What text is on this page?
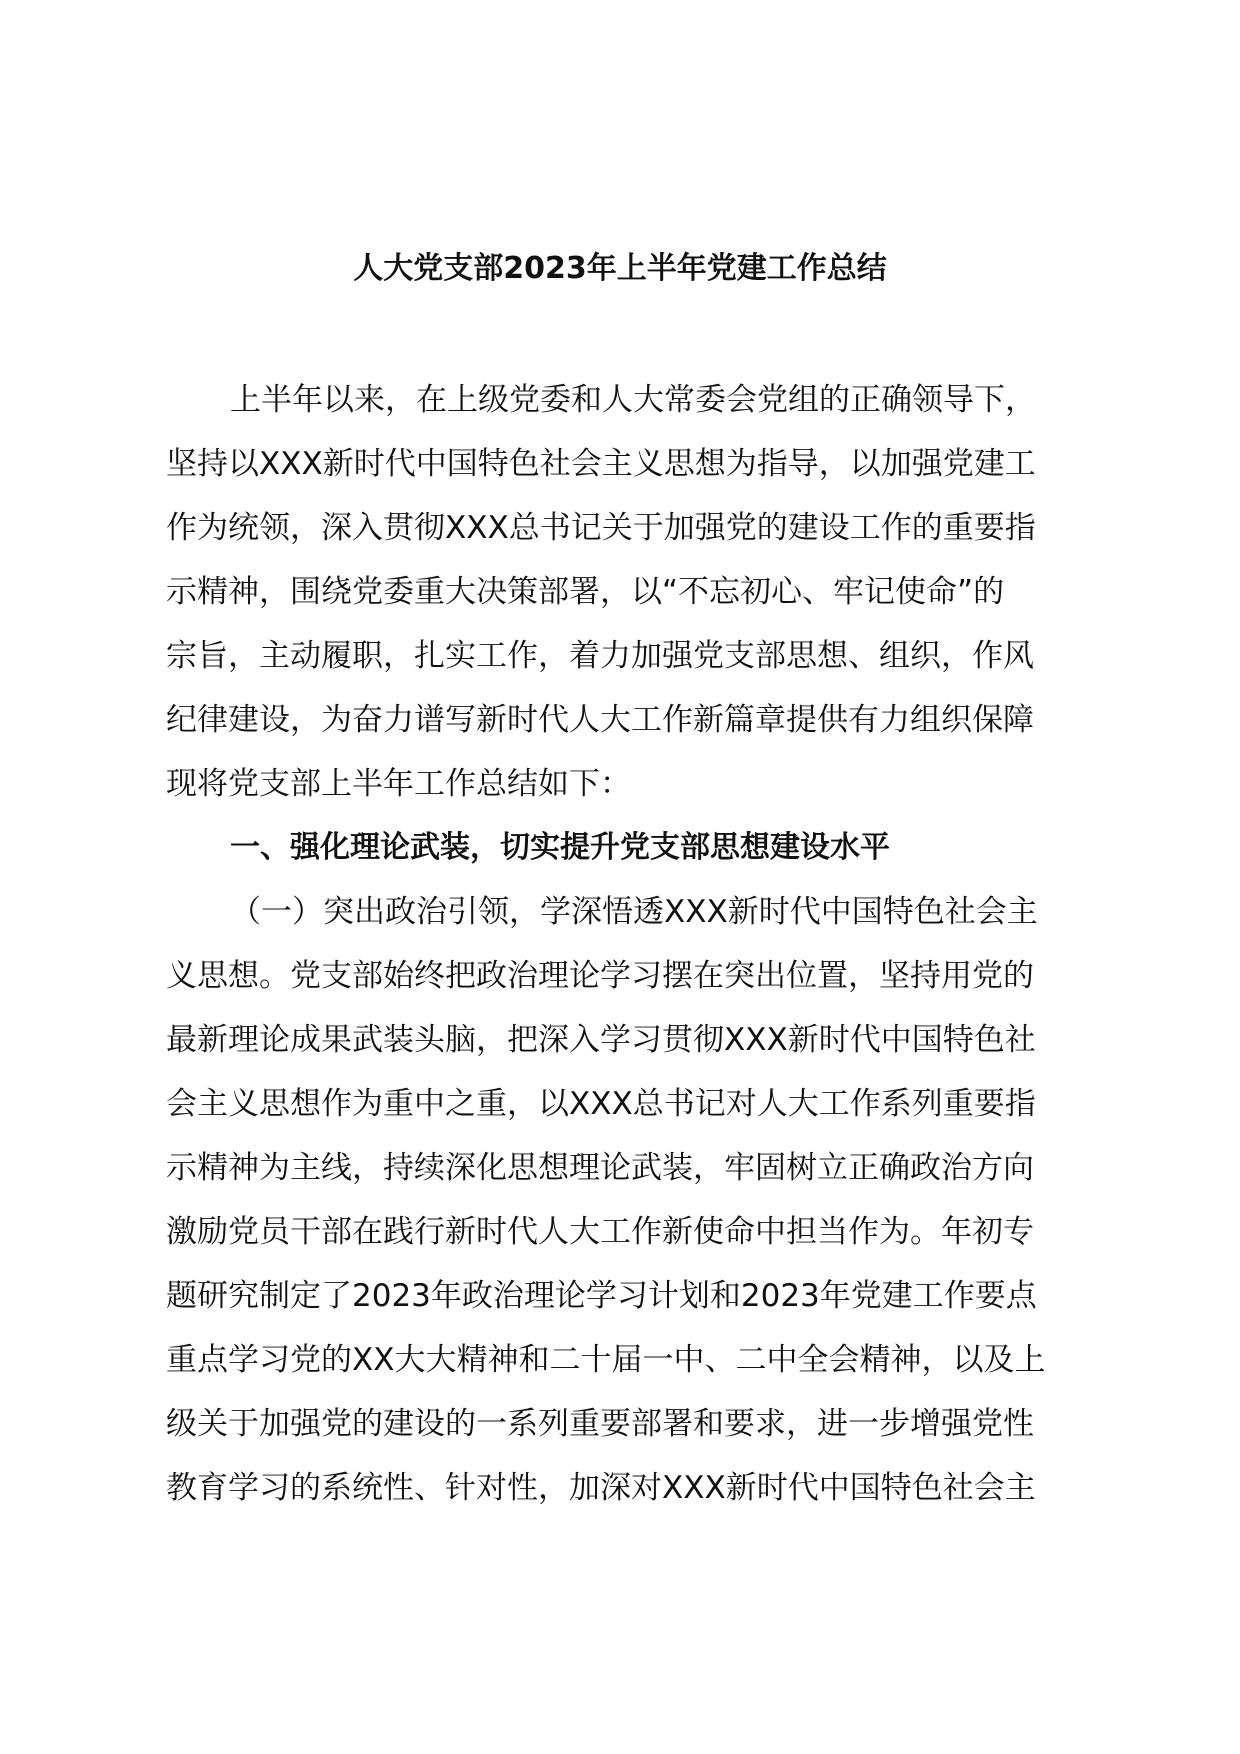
人大党支部2023年上半年党建工作总结
上半年以来，在上级党委和人大常委会党组的正确领导下，
坚持以XXX新时代中国特色社会主义思想为指导，以加强党建工
作为统领，深入贯彻XXX总书记关于加强党的建设工作的重要指
示精神，围绕党委重大决策部署，以“不忘初心、牢记使命”的
宗旨，主动履职，扎实工作，着力加强党支部思想、组织，作风
纪律建设，为奋力谱写新时代人大工作新篇章提供有力组织保障
现将党支部上半年工作总结如下：
一、强化理论武装，切实提升党支部思想建设水平
（一）突出政治引领，学深悟透XXX新时代中国特色社会主
义思想。党支部始终把政治理论学习摆在突出位置，坚持用党的
最新理论成果武装头脑，把深入学习贯彻XXX新时代中国特色社
会主义思想作为重中之重，以XXX总书记对人大工作系列重要指
示精神为主线，持续深化思想理论武装，牢固树立正确政治方向
激励党员干部在践行新时代人大工作新使命中担当作为。年初专
题研究制定了2023年政治理论学习计划和2023年党建工作要点
重点学习党的XX大大精神和二十届一中、二中全会精神，以及上
级关于加强党的建设的一系列重要部署和要求，进一步增强党性
教育学习的系统性、针对性，加深对XXX新时代中国特色社会主
